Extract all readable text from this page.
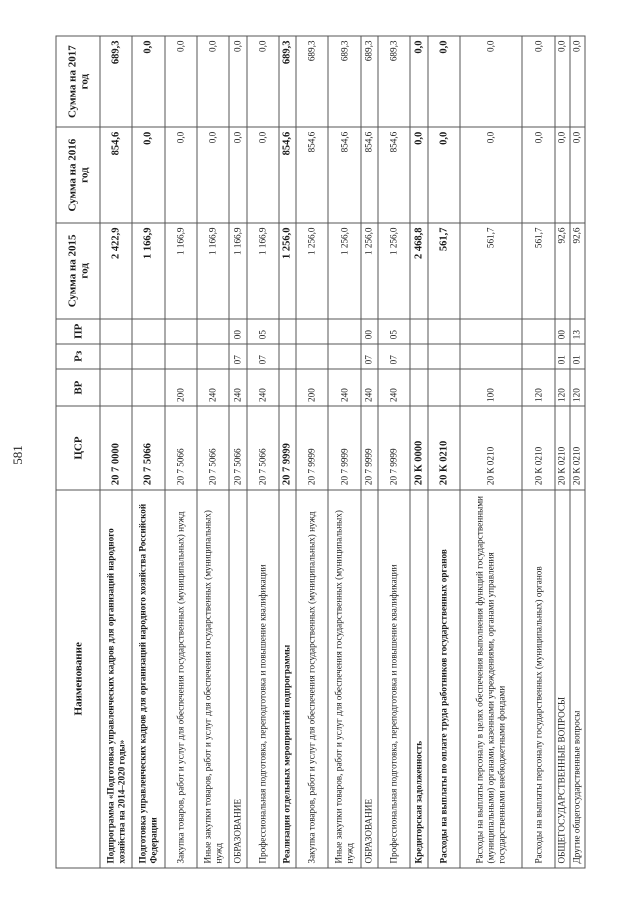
581
Наименование	ЦСР	ВР	Рз	ПР	Сумма на 2015 год	Сумма на 2016 год	Сумма на 2017 год
Подпрограмма «Подготовка управленческих кадров для организаций народного хозяйства на 2014–2020 годы»	20 7 0000				2 422,9	854,6	689,3
Подготовка управленческих кадров для организаций народного хозяйства Российской Федерации	20 7 5066				1 166,9	0,0	0,0
Закупка товаров, работ и услуг для обеспечения государственных (муниципальных) нужд	20 7 5066	200			1 166,9	0,0	0,0
Иные закупки товаров, работ и услуг для обеспечения государственных (муниципальных) нужд	20 7 5066	240			1 166,9	0,0	0,0
ОБРАЗОВАНИЕ	20 7 5066	240	07	00	1 166,9	0,0	0,0
Профессиональная подготовка, переподготовка и повышение квалификации	20 7 5066	240	07	05	1 166,9	0,0	0,0
Реализация отдельных мероприятий подпрограммы	20 7 9999				1 256,0	854,6	689,3
Закупка товаров, работ и услуг для обеспечения государственных (муниципальных) нужд	20 7 9999	200			1 256,0	854,6	689,3
Иные закупки товаров, работ и услуг для обеспечения государственных (муниципальных) нужд	20 7 9999	240			1 256,0	854,6	689,3
ОБРАЗОВАНИЕ	20 7 9999	240	07	00	1 256,0	854,6	689,3
Профессиональная подготовка, переподготовка и повышение квалификации	20 7 9999	240	07	05	1 256,0	854,6	689,3
Кредиторская задолженность	20 К 0000				2 468,8	0,0	0,0
Расходы на выплаты по оплате труда работников государственных органов	20 К 0210				561,7	0,0	0,0
Расходы на выплаты персоналу в целях обеспечения выполнения функций государственными (муниципальными) органами, казенными учреждениями, органами управления государственными внебюджетными фондами	20 К 0210	100			561,7	0,0	0,0
Расходы на выплаты персоналу государственных (муниципальных) органов	20 К 0210	120			561,7	0,0	0,0
ОБЩЕГОСУДАРСТВЕННЫЕ ВОПРОСЫ	20 К 0210	120	01	00	92,6	0,0	0,0
Другие общегосударственные вопросы	20 К 0210	120	01	13	92,6	0,0	0,0
